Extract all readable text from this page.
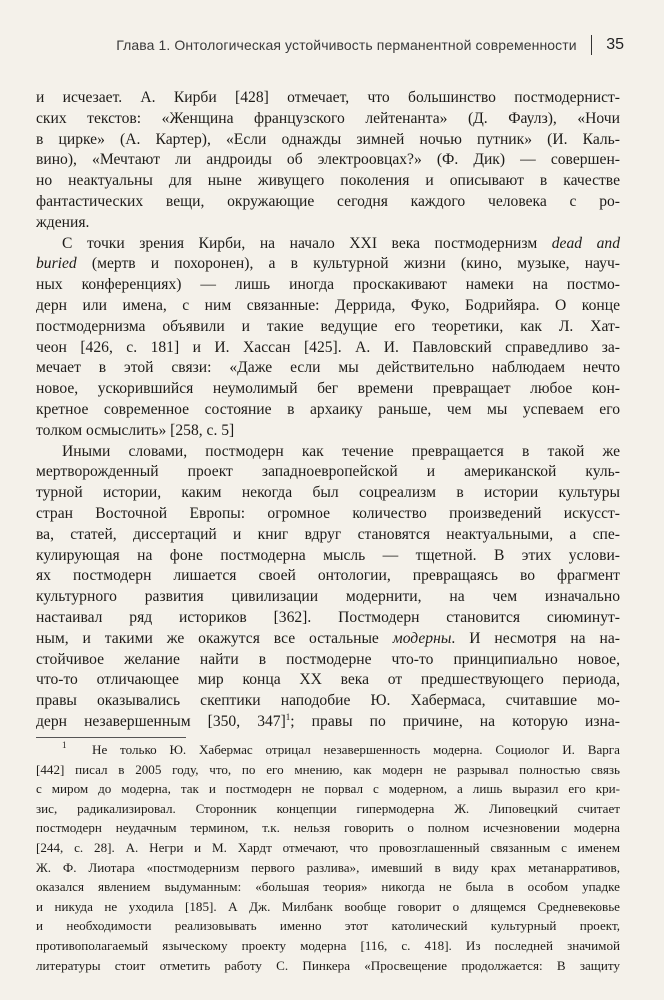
Глава 1. Онтологическая устойчивость перманентной современности 35

и исчезает. А. Кирби [428] отмечает, что большинство постмодернист-

ских текстов: «Женщина французского лейтенанта» (Д. Фаулз), «Ночи

в цирке» (А. Картер), «Если однажды зимней ночью путник» (И. Каль-

вино), «Мечтают ли андроиды об электроовцах?» (Ф. Дик) — совершен-

но неактуальны для ныне живущего поколения и описывают в качестве

фантастических вещи, окружающие сегодня каждого человека с ро-

ждения.

С точки зрения Кирби, на начало XXI века постмодернизм dead and

buried (мертв и похоронен), а в культурной жизни (кино, музыке, науч-

ных конференциях) — лишь иногда проскакивают намеки на постмо-

дерн или имена, с ним связанные: Деррида, Фуко, Бодрийяра. О конце

постмодернизма объявили и такие ведущие его теоретики, как Л. Хат-

чеон [426, с. 181] и И. Хассан [425]. А. И. Павловский справедливо за-

мечает в этой связи: «Даже если мы действительно наблюдаем нечто

новое, ускорившийся неумолимый бег времени превращает любое кон-

кретное современное состояние в архаику раньше, чем мы успеваем его

толком осмыслить» [258, с. 5]

Иными словами, постмодерн как течение превращается в такой же

мертворожденный проект западноевропейской и американской куль-

турной истории, каким некогда был соцреализм в истории культуры

стран Восточной Европы: огромное количество произведений искусст-

ва, статей, диссертаций и книг вдруг становятся неактуальными, а спе-

кулирующая на фоне постмодерна мысль — тщетной. В этих услови-

ях постмодерн лишается своей онтологии, превращаясь во фрагмент

культурного развития цивилизации модернити, на чем изначально

настаивал ряд историков [362]. Постмодерн становится сиюминут-

ным, и такими же окажутся все остальные модерны. И несмотря на на-

стойчивое желание найти в постмодерне что-то принципиально новое,

что-то отличающее мир конца XX века от предшествующего периода,

правы оказывались скептики наподобие Ю. Хабермаса, считавшие мо-

дерн незавершенным [350, 347]$^1$; правы по причине, на которую изна-

1 Не только Ю. Хабермас отрицал незавершенность модерна. Социолог И. Варга

[442] писал в 2005 году, что, по его мнению, как модерн не разрывал полностью связь

с миром до модерна, так и постмодерн не порвал с модерном, а лишь выразил его кри-

зис, радикализировал. Сторонник концепции гипермодерна Ж. Липовецкий считает

постмодерн неудачным термином, т.к. нельзя говорить о полном исчезновении модерна

[244, с. 28]. А. Негри и М. Хардт отмечают, что провозглашенный связанным с именем

Ж. Ф. Лиотара «постмодернизм первого разлива», имевший в виду крах метанарративов,

оказался явлением выдуманным: «большая теория» никогда не была в особом упадке

и никуда не уходила [185]. А Дж. Милбанк вообще говорит о длящемся Средневековье

и необходимости реализовывать именно этот католический культурный проект,

противополагаемый языческому проекту модерна [116, с. 418]. Из последней значимой

литературы стоит отметить работу С. Пинкера «Просвещение продолжается: В защиту
